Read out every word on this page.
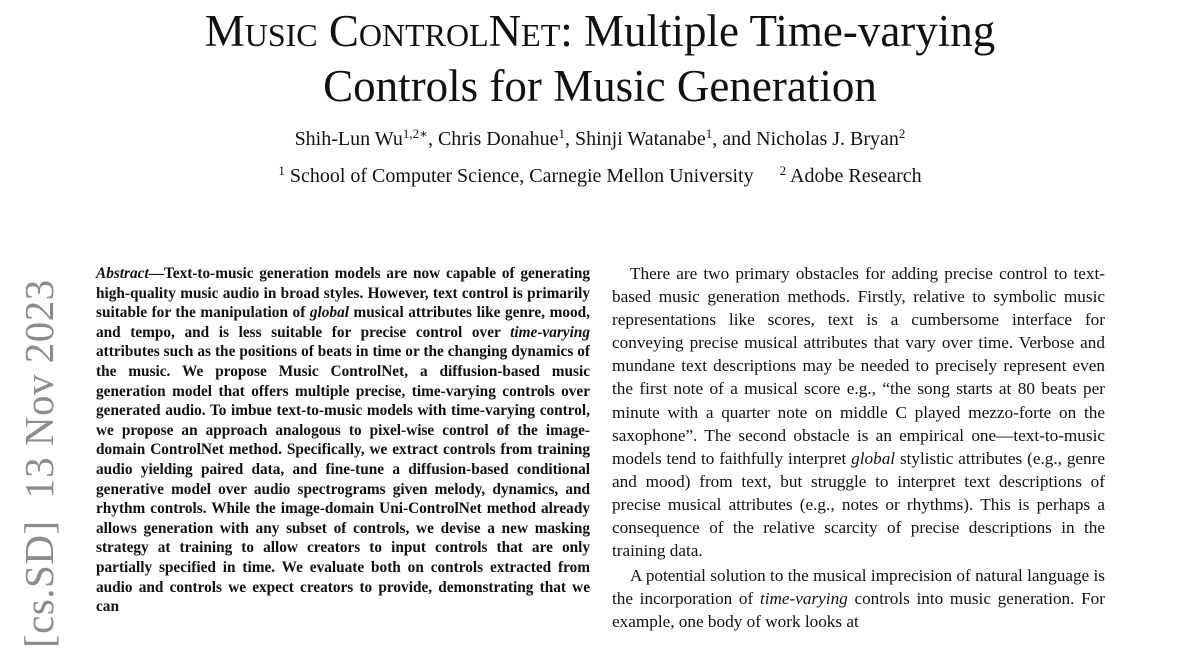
Music ControlNet: Multiple Time-varying
Controls for Music Generation
Shih-Lun $Wu^{1,2∗}$, Chris Donahue$^1$, Shinji Watanabe$^1$, and Nicholas J. Bryan$^2$
$^1$ School of Computer Science, Carnegie Mellon University $^2$ Adobe Research
[cs.SD]  13 Nov 2023

Abstract—Text-to-music generation models are now capable of generating high-quality music audio in broad styles. However, text control is primarily suitable for the manipulation of global musical attributes like genre, mood, and tempo, and is less suitable for precise control over time-varying attributes such as the positions of beats in time or the changing dynamics of the music. We propose Music ControlNet, a diffusion-based music generation model that offers multiple precise, time-varying controls over generated audio. To imbue text-to-music models with time-varying control, we propose an approach analogous to pixel-wise control of the image-domain ControlNet method. Specifically, we extract controls from training audio yielding paired data, and fine-tune a diffusion-based conditional generative model over audio spectrograms given melody, dynamics, and rhythm controls. While the image-domain Uni-ControlNet method already allows generation with any subset of controls, we devise a new masking strategy at training to allow creators to input controls that are only partially specified in time. We evaluate both on controls extracted from audio and controls we expect creators to provide, demonstrating that we can

There are two primary obstacles for adding precise control to text-based music generation methods. Firstly, relative to symbolic music representations like scores, text is a cumbersome interface for conveying precise musical attributes that vary over time. Verbose and mundane text descriptions may be needed to precisely represent even the first note of a musical score e.g., “the song starts at 80 beats per minute with a quarter note on middle C played mezzo-forte on the saxophone”. The second obstacle is an empirical one—text-to-music models tend to faithfully interpret global stylistic attributes (e.g., genre and mood) from text, but struggle to interpret text descriptions of precise musical attributes (e.g., notes or rhythms). This is perhaps a consequence of the relative scarcity of precise descriptions in the training data.

A potential solution to the musical imprecision of natural language is the incorporation of time-varying controls into music generation. For example, one body of work looks at
